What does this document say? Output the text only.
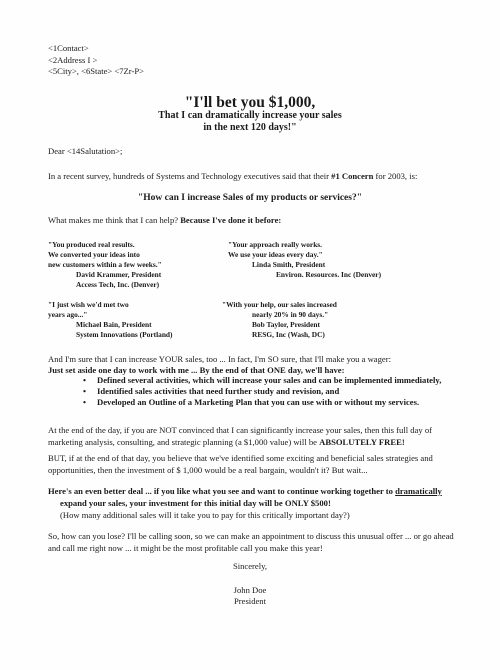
<1Contact>
<2Address I >
<5City>, <6State> <7Zr-P>
"I'll bet you $1,000,
That I can dramatically increase your sales
in the next 120 days!"
Dear <14Salutation>;
In a recent survey, hundreds of Systems and Technology executives said that their #1 Concern for 2003, is:
"How can I increase Sales of my products or services?"
What makes me think that I can help? Because I've done it before:
"You produced real results.
We converted your ideas into
new customers within a few weeks."
David Krammer, President
Access Tech, Inc. (Denver)
"Your approach really works.
We use your ideas every day."
Linda Smith, President
Environ. Resources. Inc (Denver)
"I just wish we'd met two
years ago..."
Michael Bain, President
System Innovations (Portland)
"With your help, our sales increased
nearly 20% in 90 days."
Bob Taylor, President
RESG, Inc (Wash, DC)
And I'm sure that I can increase YOUR sales, too ... In fact, I'm SO sure, that I'll make you a wager:
Just set aside one day to work with me ... By the end of that ONE day, we'll have:
• Defined several activities, which will increase your sales and can be implemented immediately,
• Identified sales activities that need further study and revision, and
• Developed an Outline of a Marketing Plan that you can use with or without my services.
At the end of the day, if you are NOT convinced that I can significantly increase your sales, then this full day of marketing analysis, consulting, and strategic planning (a $1,000 value) will be ABSOLUTELY FREE!
BUT, if at the end of that day, you believe that we've identified some exciting and beneficial sales strategies and opportunities, then the investment of $ 1,000 would be a real bargain, wouldn't it? But wait...
Here's an even better deal ... if you like what you see and want to continue working together to dramatically
expand your sales, your investment for this initial day will be ONLY $500!
(How many additional sales will it take you to pay for this critically important day?)
So, how can you lose? I'll be calling soon, so we can make an appointment to discuss this unusual offer ... or go ahead and call me right now ... it might be the most profitable call you make this year!
Sincerely,
John Doe
President
